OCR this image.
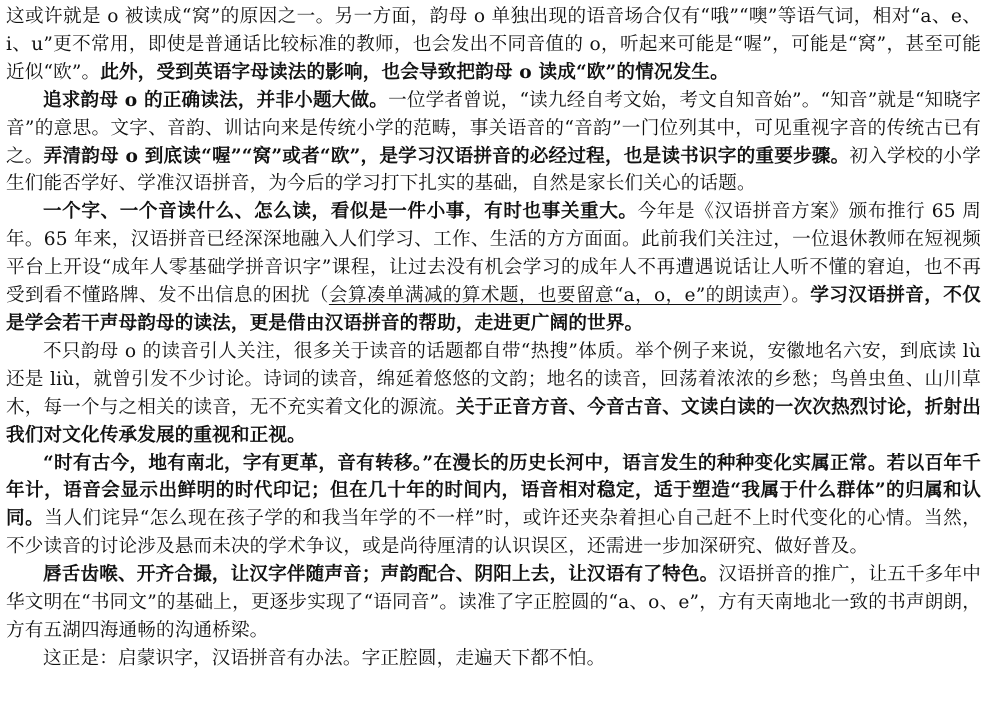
这或许就是 o 被读成“窝”的原因之一。另一方面，韵母 o 单独出现的语音场合仅有“哦”“噢”等语气词，相对“a、e、i、u”更不常用，即使是普通话比较标准的教师，也会发出不同音值的 o，听起来可能是“喔”，可能是“窝”，甚至可能近似“欧”。此外，受到英语字母读法的影响，也会导致把韵母 o 读成“欧”的情况发生。

追求韵母 o 的正确读法，并非小题大做。一位学者曾说，“读九经自考文始，考文自知音始”。“知音”就是“知晓字音”的意思。文字、音韵、训诂向来是传统小学的范畴，事关语音的“音韵”一门位列其中，可见重视字音的传统古已有之。弄清韵母 o 到底读“喔”“窝”或者“欧”，是学习汉语拼音的必经过程，也是读书识字的重要步骤。初入学校的小学生们能否学好、学准汉语拼音，为今后的学习打下扎实的基础，自然是家长们关心的话题。

一个字、一个音读什么、怎么读，看似是一件小事，有时也事关重大。今年是《汉语拼音方案》颁布推行 65 周年。65 年来，汉语拼音已经深深地融入人们学习、工作、生活的方方面面。此前我们关注过，一位退休教师在短视频平台上开设“成年人零基础学拼音识字”课程，让过去没有机会学习的成年人不再遭遇说话让人听不懂的窘迫，也不再受到看不懂路牌、发不出信息的困扰（会算凑单满减的算术题，也要留意“a，o，e”的朗读声）。学习汉语拼音，不仅是学会若干声母韵母的读法，更是借由汉语拼音的帮助，走进更广阔的世界。

不只韵母 o 的读音引人关注，很多关于读音的话题都自带“热搜”体质。举个例子来说，安徽地名六安，到底读 lù还是 liù，就曾引发不少讨论。诗词的读音，绵延着悠悠的文韵；地名的读音，回荡着浓浓的乡愁；鸟兽虫鱼、山川草木，每一个与之相关的读音，无不充实着文化的源流。关于正音方音、今音古音、文读白读的一次次热烈讨论，折射出我们对文化传承发展的重视和正视。

“时有古今，地有南北，字有更革，音有转移。”在漫长的历史长河中，语言发生的种种变化实属正常。若以百年千年计，语音会显示出鲜明的时代印记；但在几十年的时间内，语音相对稳定，适于塑造“我属于什么群体”的归属和认同。当人们诧异“怎么现在孩子学的和我当年学的不一样”时，或许还夹杂着担心自己赶不上时代变化的心情。当然，不少读音的讨论涉及悬而未决的学术争议，或是尚待厘清的认识误区，还需进一步加深研究、做好普及。

唇舌齿喉、开齐合撮，让汉字伴随声音；声韵配合、阴阳上去，让汉语有了特色。汉语拼音的推广，让五千多年中华文明在“书同文”的基础上，更逐步实现了“语同音”。读准了字正腔圆的“a、o、e”，方有天南地北一致的书声朗朗，方有五湖四海通畅的沟通桥梁。

这正是：启蒙识字，汉语拼音有办法。字正腔圆，走遍天下都不怕。
